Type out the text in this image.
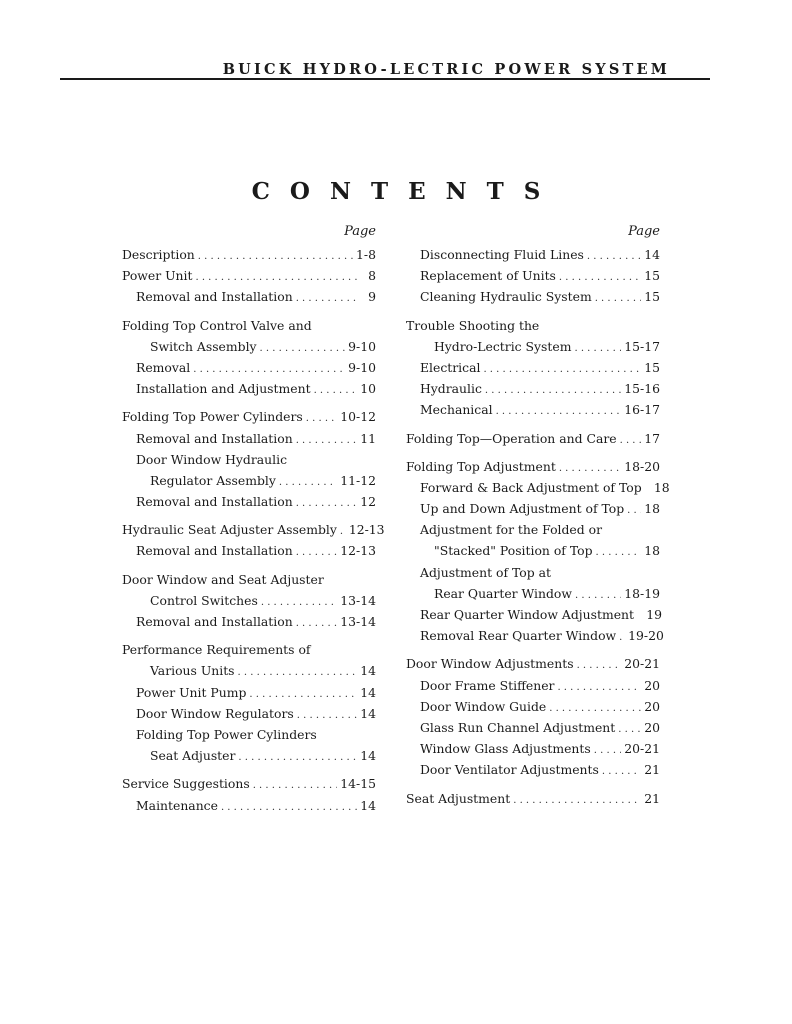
BUICK HYDRO-LECTRIC POWER SYSTEM
CONTENTS
Page
Description . . .	1-8
Power Unit . . .	8
Removal and Installation . . .	9
Folding Top Control Valve and
Switch Assembly . . .	9-10
Removal . . .	9-10
Installation and Adjustment . . .	10
Folding Top Power Cylinders . . .	10-12
Removal and Installation . . .	11
Door Window Hydraulic
Regulator Assembly . . .	11-12
Removal and Installation . . .	12
Hydraulic Seat Adjuster Assembly . . . 12-13
Removal and Installation . . .	12-13
Door Window and Seat Adjuster
Control Switches . . .	13-14
Removal and Installation . . .	13-14
Performance Requirements of
Various Units . . .	14
Power Unit Pump . . .	14
Door Window Regulators . . .	14
Folding Top Power Cylinders
Seat Adjuster . . .	14
Service Suggestions . . .	14-15
Maintenance . . .	14
Page
Disconnecting Fluid Lines . . .	14
Replacement of Units . . .	15
Cleaning Hydraulic System . . .	15
Trouble Shooting the
Hydro-Lectric System . . .	15-17
Electrical . . .	15
Hydraulic . . .	15-16
Mechanical . . .	16-17
Folding Top—Operation and Care . . . 17
Folding Top Adjustment . . .	18-20
Forward & Back Adjustment of Top 18
Up and Down Adjustment of Top . . . 18
Adjustment for the Folded or
"Stacked" Position of Top . . .	18
Adjustment of Top at
Rear Quarter Window . . .	18-19
Rear Quarter Window Adjustment 19
Removal Rear Quarter Window . . . 19-20
Door Window Adjustments . . .	20-21
Door Frame Stiffener . . .	20
Door Window Guide . . .	20
Glass Run Channel Adjustment . . . 20
Window Glass Adjustments . . .	20-21
Door Ventilator Adjustments . . .	21
Seat Adjustment . . .	21
